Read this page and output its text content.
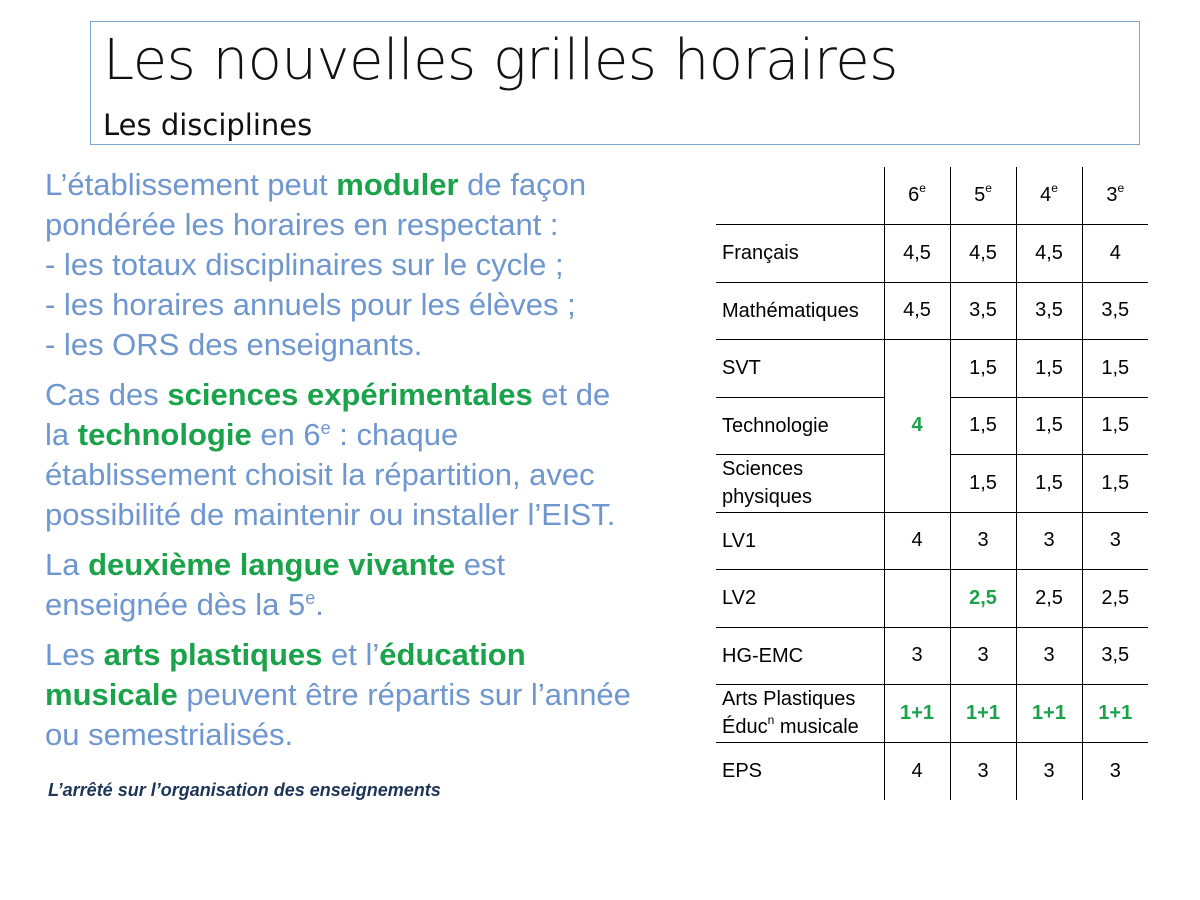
Les nouvelles grilles horaires
Les disciplines
L’établissement peut moduler de façon
pondérée les horaires en respectant :
- les totaux disciplinaires sur le cycle ;
- les horaires annuels pour les élèves ;
- les ORS des enseignants.
Cas des sciences expérimentales et de
la technologie en 6e : chaque
établissement choisit la répartition, avec
possibilité de maintenir ou installer l’EIST.
La deuxième langue vivante est
enseignée dès la 5e.
Les arts plastiques et l’éducation
musicale peuvent être répartis sur l’année
ou semestrialisés.
L’arrêté sur l’organisation des enseignements
	6e	5e	4e	3e
Français	4,5	4,5	4,5	4
Mathématiques	4,5	3,5	3,5	3,5
SVT	4	1,5	1,5	1,5
Technologie		1,5	1,5	1,5
Sciences
physiques		1,5	1,5	1,5
LV1	4	3	3	3
LV2		2,5	2,5	2,5
HG-EMC	3	3	3	3,5
Arts Plastiques
Éduc$^n$ musicale	1+1	1+1	1+1	1+1
EPS	4	3	3	3
